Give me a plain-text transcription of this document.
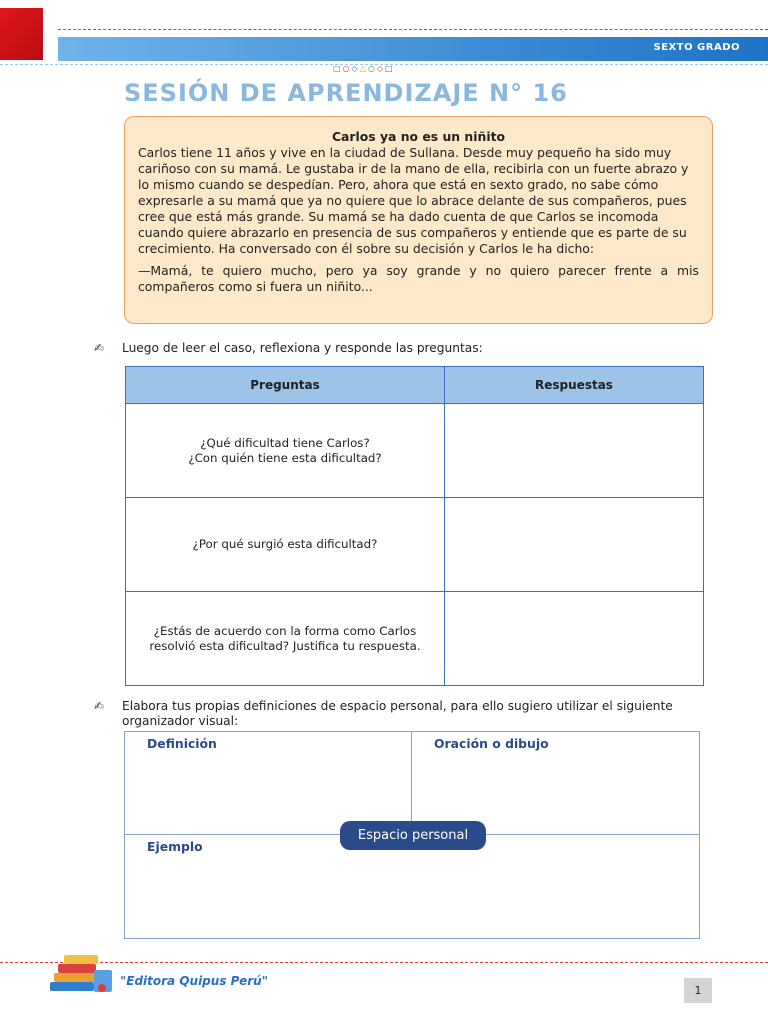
SEXTO GRADO
□○◇△○◇□
SESIÓN DE APRENDIZAJE N° 16
Carlos ya no es un niñito

Carlos tiene 11 años y vive en la ciudad de Sullana. Desde muy pequeño ha sido muy cariñoso con su mamá. Le gustaba ir de la mano de ella, recibirla con un fuerte abrazo y lo mismo cuando se despedían. Pero, ahora que está en sexto grado, no sabe cómo expresarle a su mamá que ya no quiere que lo abrace delante de sus compañeros, pues cree que está más grande. Su mamá se ha dado cuenta de que Carlos se incomoda cuando quiere abrazarlo en presencia de sus compañeros y entiende que es parte de su crecimiento. Ha conversado con él sobre su decisión y Carlos le ha dicho:

—Mamá, te quiero mucho, pero ya soy grande y no quiero parecer frente a mis compañeros como si fuera un niñito...

✍ Luego de leer el caso, reflexiona y responde las preguntas:
Preguntas	Respuestas

¿Qué dificultad tiene Carlos?
¿Con quién tiene esta dificultad?	

¿Por qué surgió esta dificultad?	

¿Estás de acuerdo con la forma como Carlos resolvió esta dificultad? Justifica tu respuesta.	

✍ Elabora tus propias definiciones de espacio personal, para ello sugiero utilizar el siguiente organizador visual:
Definición	Oración o dibujo
Ejemplo
Espacio personal
"Editora Quipus Perú"
1
